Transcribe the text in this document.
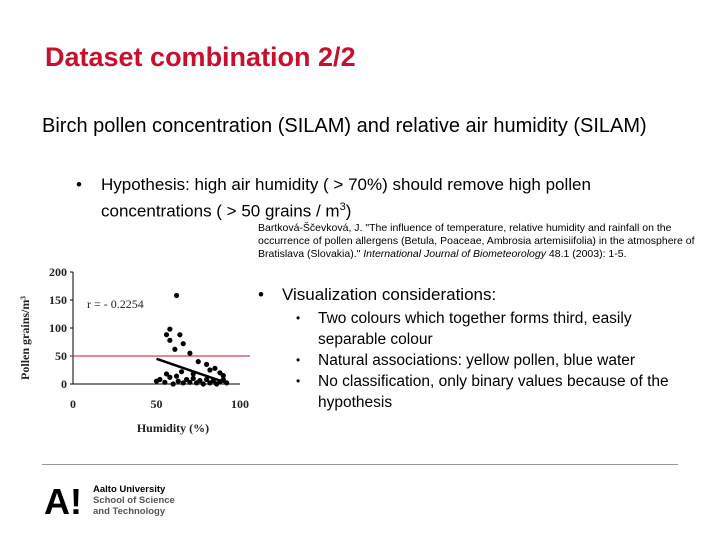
Dataset combination 2/2
Birch pollen concentration (SILAM) and relative air humidity (SILAM)
• Hypothesis: high air humidity ( > 70%) should remove high pollen concentrations ( > 50 grains / $m^3$)
Bartková-Ščevková, J. "The influence of temperature, relative humidity and rainfall on the occurrence of pollen allergens (Betula, Poaceae, Ambrosia artemisiifolia) in the atmosphere of Bratislava (Slovakia)." International Journal of Biometeorology 48.1 (2003): 1-5.
• Visualization considerations:
• Two colours which together forms third, easily separable colour
• Natural associations: yellow pollen, blue water
• No classification, only binary values because of the hypothesis
0
50
100
150
200
0	50	100
r = - 0.2254
Humidity (%)
Pollen grains/m³
A ! Aalto University
School of Science
and Technology
